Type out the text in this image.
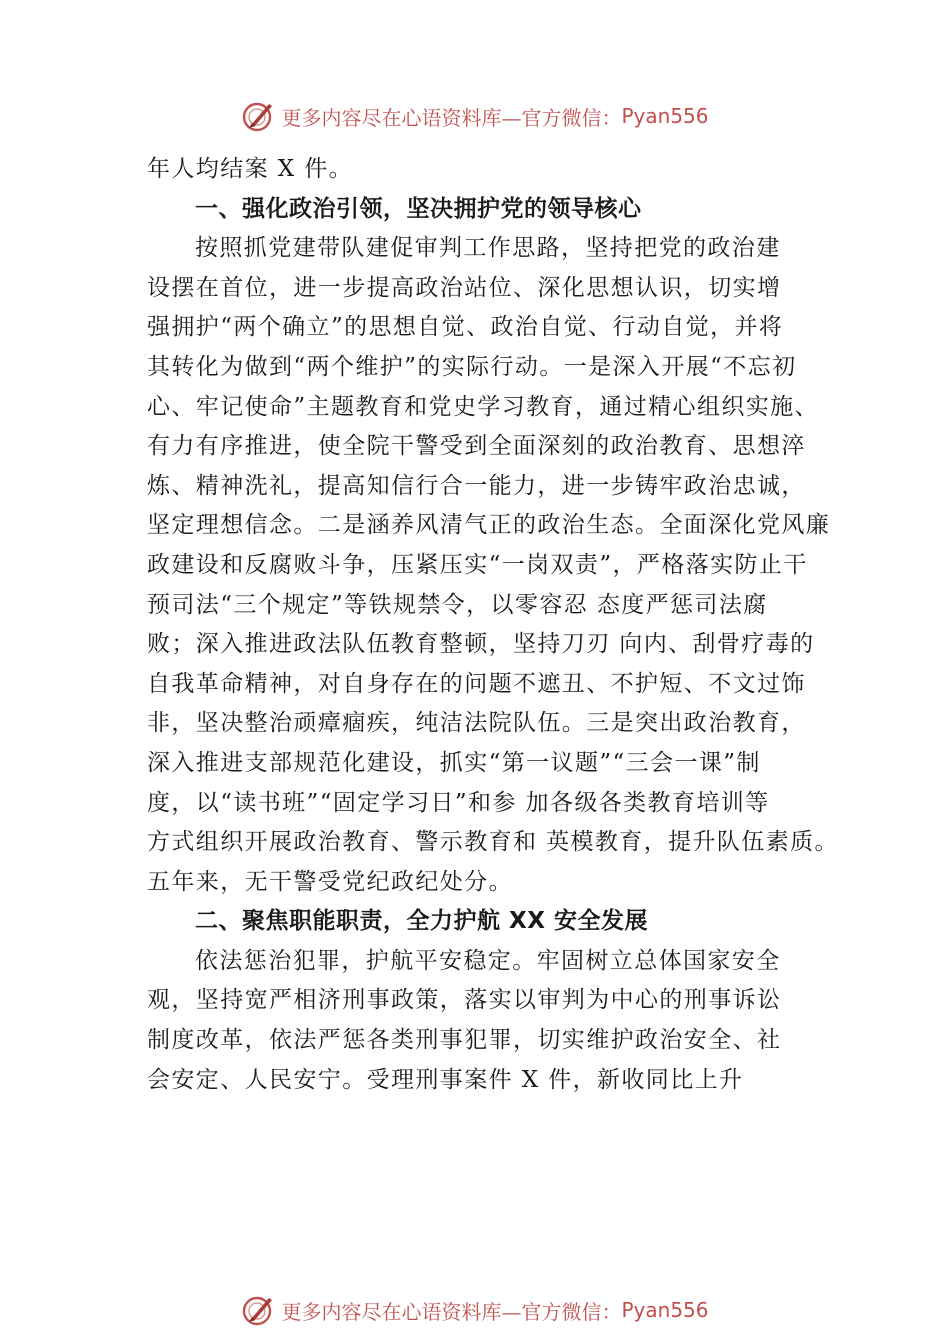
更多内容尽在心语资料库—官方微信： Pyan556
年人均结案 X 件。
一、强化政治引领，坚决拥护党的领导核心
按照抓党建带队建促审判工作思路，坚持把党的政治建
设摆在首位，进一步提高政治站位、深化思想认识，切实增
强拥护“两个确立”的思想自觉、政治自觉、行动自觉，并将
其转化为做到“两个维护”的实际行动。一是深入开展“不忘初
心、牢记使命”主题教育和党史学习教育，通过精心组织实施、
有力有序推进，使全院干警受到全面深刻的政治教育、思想淬
炼、精神洗礼，提高知信行合一能力，进一步铸牢政治忠诚，
坚定理想信念。二是涵养风清气正的政治生态。全面深化党风廉
政建设和反腐败斗争，压紧压实“一岗双责”，严格落实防止干
预司法“三个规定”等铁规禁令，以零容忍 态度严惩司法腐
败；深入推进政法队伍教育整顿，坚持刀刃 向内、刮骨疗毒的
自我革命精神，对自身存在的问题不遮丑、不护短、不文过饰
非，坚决整治顽瘴痼疾，纯洁法院队伍。三是突出政治教育，
深入推进支部规范化建设，抓实“第一议题”“三会一课”制
度，以“读书班”“固定学习日”和参 加各级各类教育培训等
方式组织开展政治教育、警示教育和 英模教育，提升队伍素质。
五年来，无干警受党纪政纪处分。
二、聚焦职能职责，全力护航 XX 安全发展
依法惩治犯罪，护航平安稳定。牢固树立总体国家安全
观，坚持宽严相济刑事政策，落实以审判为中心的刑事诉讼
制度改革，依法严惩各类刑事犯罪，切实维护政治安全、社
会安定、人民安宁。受理刑事案件 X 件，新收同比上升
更多内容尽在心语资料库—官方微信： Pyan556
